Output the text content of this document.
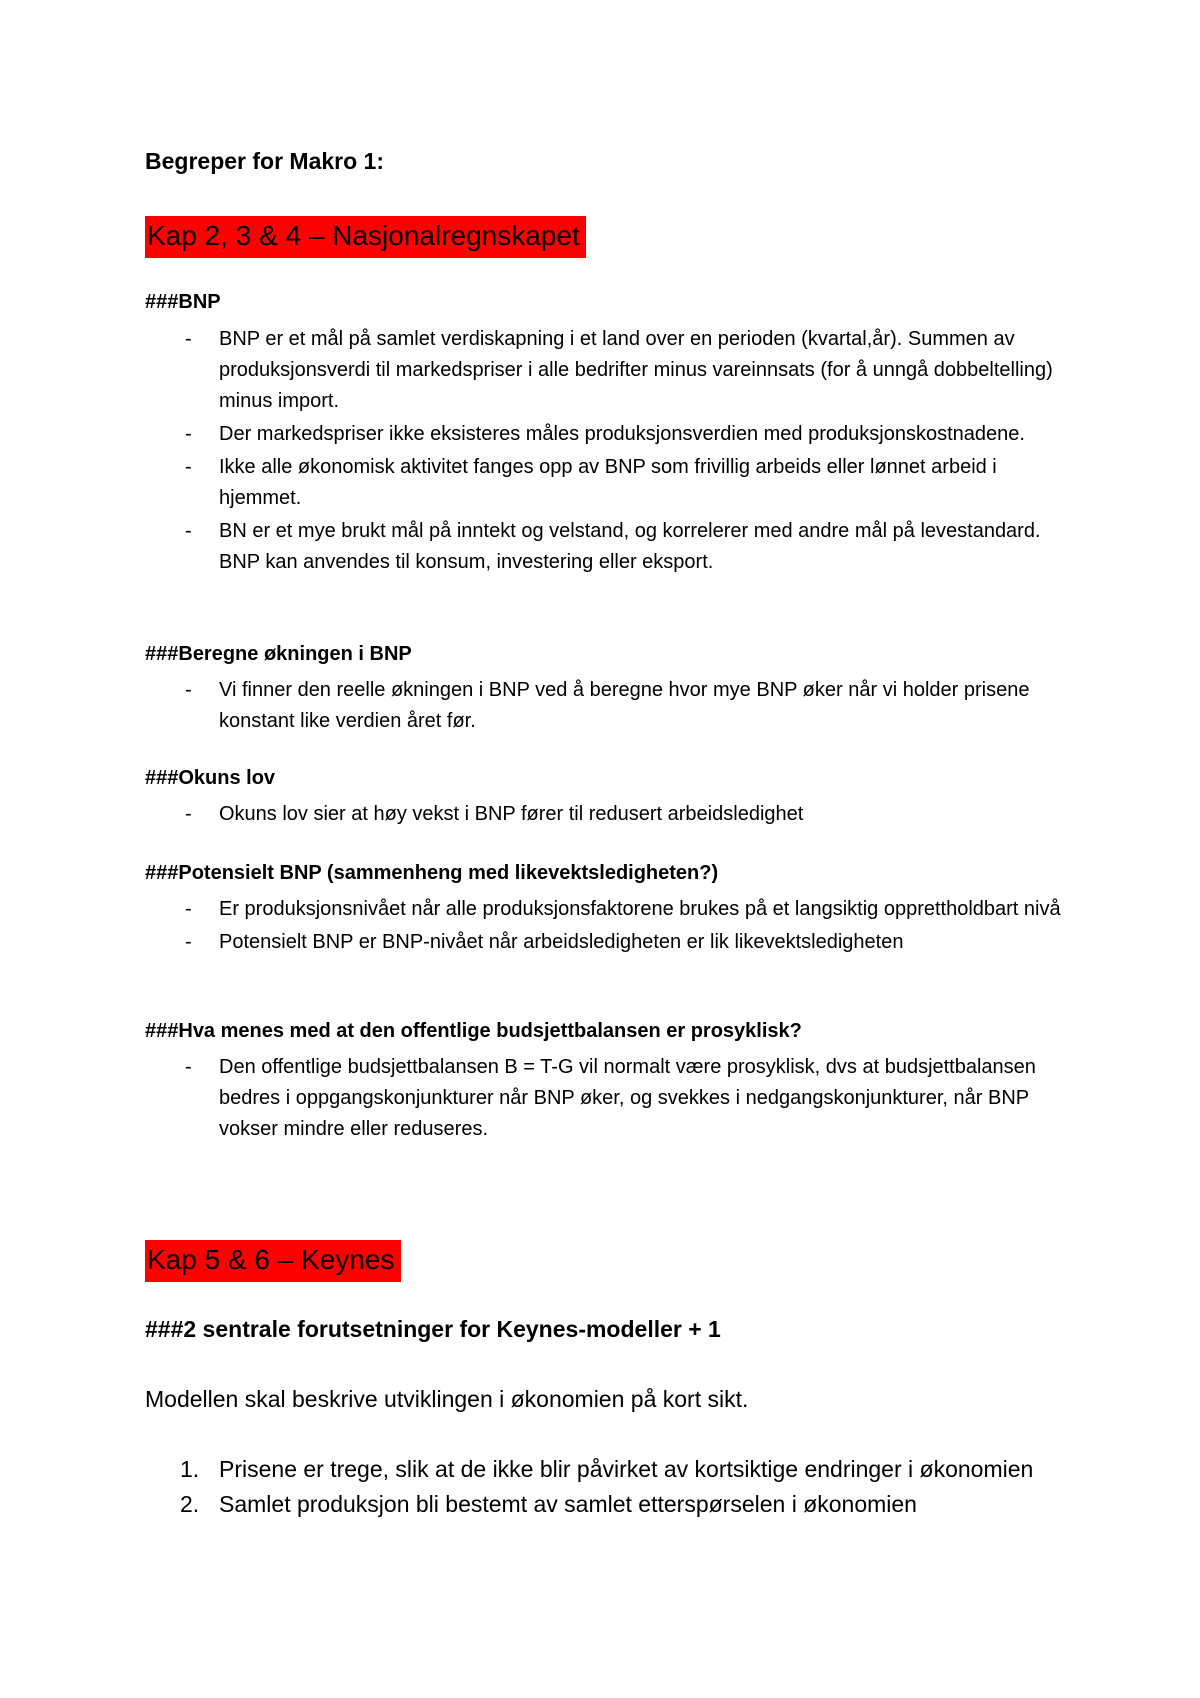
Begreper for Makro 1:
Kap 2, 3 & 4 – Nasjonalregnskapet
###BNP
- BNP er et mål på samlet verdiskapning i et land over en perioden (kvartal,år). Summen av produksjonsverdi til markedspriser i alle bedrifter minus vareinnsats (for å unngå dobbeltelling) minus import.
- Der markedspriser ikke eksisteres måles produksjonsverdien med produksjonskostnadene.
- Ikke alle økonomisk aktivitet fanges opp av BNP som frivillig arbeids eller lønnet arbeid i hjemmet.
- BN er et mye brukt mål på inntekt og velstand, og korrelerer med andre mål på levestandard. BNP kan anvendes til konsum, investering eller eksport.
###Beregne økningen i BNP
- Vi finner den reelle økningen i BNP ved å beregne hvor mye BNP øker når vi holder prisene konstant like verdien året før.
###Okuns lov
- Okuns lov sier at høy vekst i BNP fører til redusert arbeidsledighet
###Potensielt BNP (sammenheng med likevektsledigheten?)
- Er produksjonsnivået når alle produksjonsfaktorene brukes på et langsiktig opprettholdbart nivå
- Potensielt BNP er BNP-nivået når arbeidsledigheten er lik likevektsledigheten
###Hva menes med at den offentlige budsjettbalansen er prosyklisk?
- Den offentlige budsjettbalansen B = T-G vil normalt være prosyklisk, dvs at budsjettbalansen bedres i oppgangskonjunkturer når BNP øker, og svekkes i nedgangskonjunkturer, når BNP vokser mindre eller reduseres.
Kap 5 & 6 – Keynes
###2 sentrale forutsetninger for Keynes-modeller + 1
Modellen skal beskrive utviklingen i økonomien på kort sikt.
1. Prisene er trege, slik at de ikke blir påvirket av kortsiktige endringer i økonomien
2. Samlet produksjon bli bestemt av samlet etterspørselen i økonomien
